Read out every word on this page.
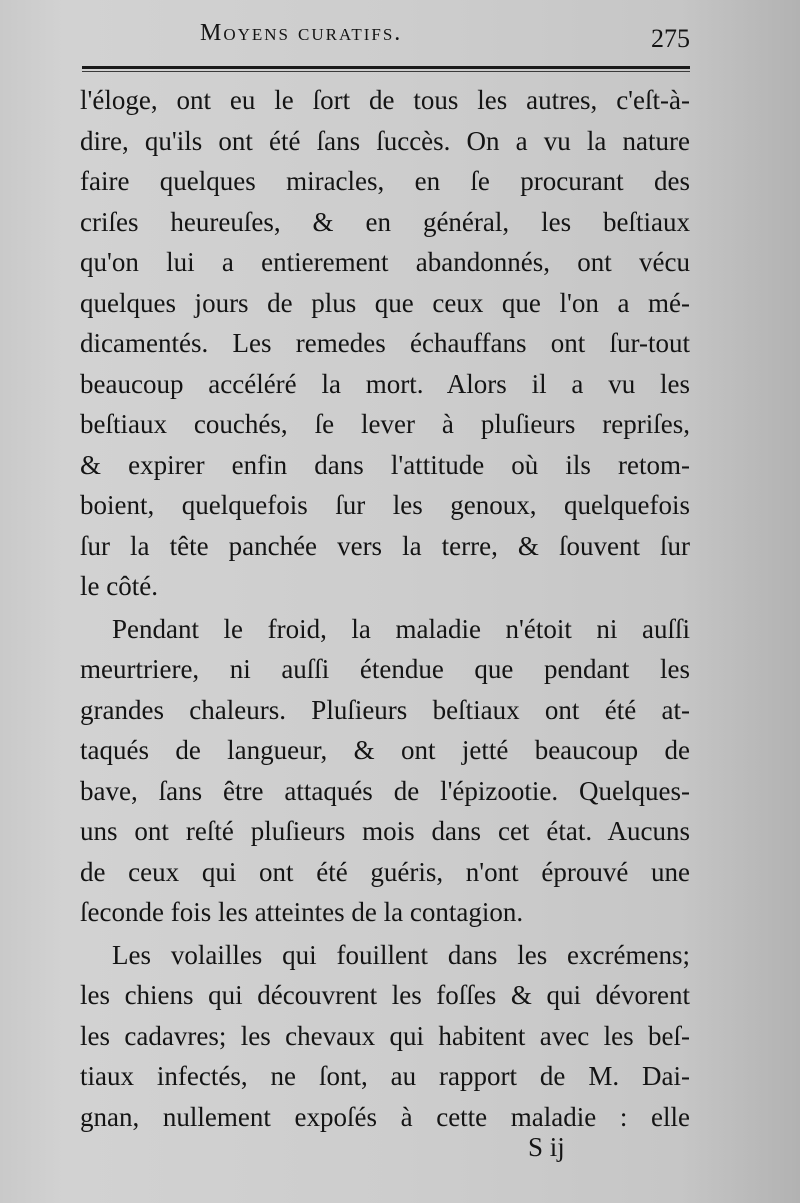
Moyens curatifs.	275
l'éloge, ont eu le ſort de tous les autres, c'eſt-à-
dire, qu'ils ont été ſans ſuccès. On a vu la nature
faire quelques miracles, en ſe procurant des
criſes heureuſes, & en général, les beſtiaux
qu'on lui a entierement abandonnés, ont vécu
quelques jours de plus que ceux que l'on a mé-
dicamentés. Les remedes échauffans ont ſur-tout
beaucoup accéléré la mort. Alors il a vu les
beſtiaux couchés, ſe lever à pluſieurs repriſes,
& expirer enfin dans l'attitude où ils retom-
boient, quelquefois ſur les genoux, quelquefois
ſur la tête panchée vers la terre, & ſouvent ſur
le côté.
Pendant le froid, la maladie n'étoit ni auſſi
meurtriere, ni auſſi étendue que pendant les
grandes chaleurs. Pluſieurs beſtiaux ont été at-
taqués de langueur, & ont jetté beaucoup de
bave, ſans être attaqués de l'épizootie. Quelques-
uns ont reſté pluſieurs mois dans cet état. Aucuns
de ceux qui ont été guéris, n'ont éprouvé une
ſeconde fois les atteintes de la contagion.
Les volailles qui fouillent dans les excrémens;
les chiens qui découvrent les foſſes & qui dévorent
les cadavres; les chevaux qui habitent avec les beſ-
tiaux infectés, ne ſont, au rapport de M. Dai-
gnan, nullement expoſés à cette maladie : elle
S ij
